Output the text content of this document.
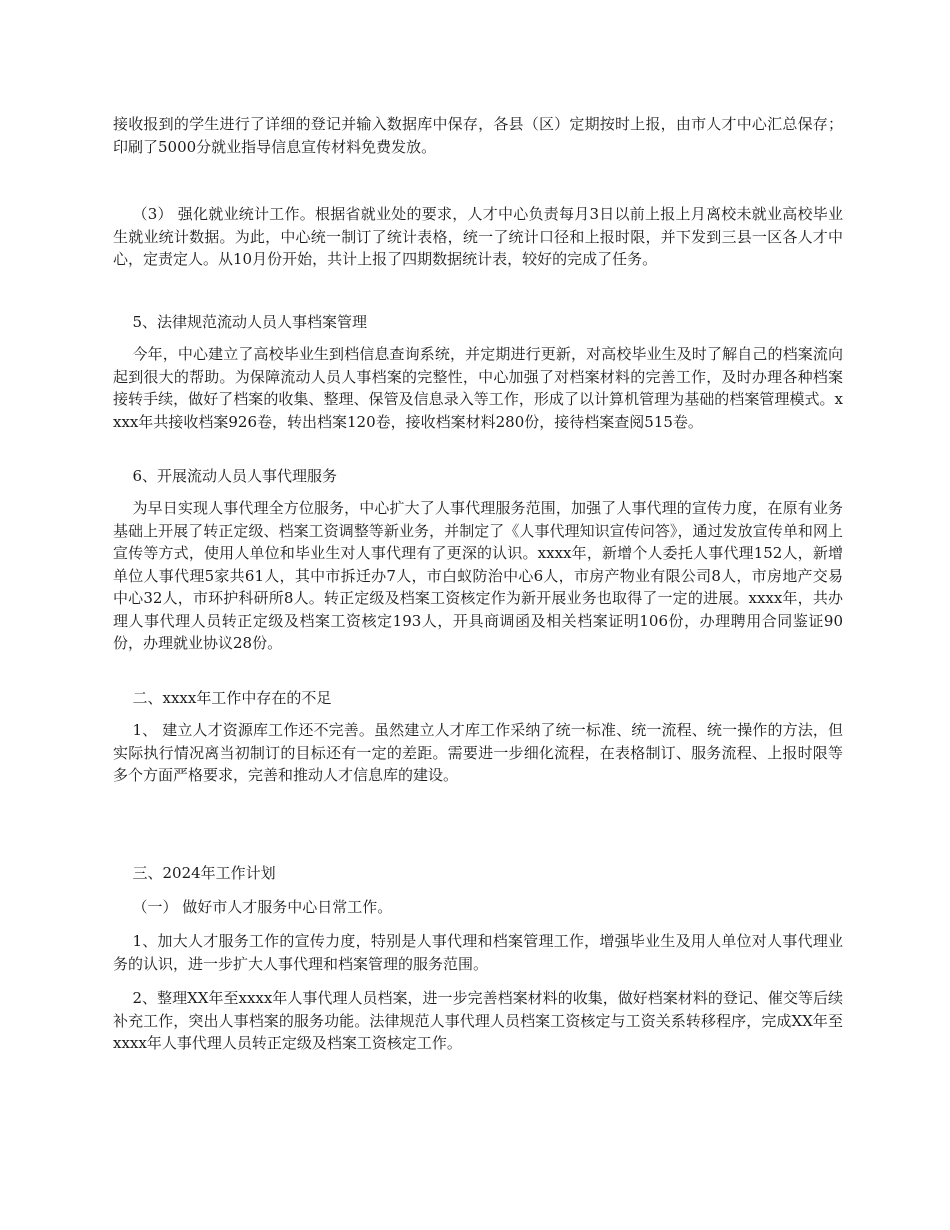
接收报到的学生进行了详细的登记并输入数据库中保存，各县（区）定期按时上报，由市人才中心汇总保存；印刷了5000分就业指导信息宣传材料免费发放。

（3） 强化就业统计工作。根据省就业处的要求，人才中心负责每月3日以前上报上月离校未就业高校毕业生就业统计数据。为此，中心统一制订了统计表格，统一了统计口径和上报时限，并下发到三县一区各人才中心，定责定人。从10月份开始，共计上报了四期数据统计表，较好的完成了任务。

5、法律规范流动人员人事档案管理

今年，中心建立了高校毕业生到档信息查询系统，并定期进行更新，对高校毕业生及时了解自己的档案流向起到很大的帮助。为保障流动人员人事档案的完整性，中心加强了对档案材料的完善工作，及时办理各种档案接转手续，做好了档案的收集、整理、保管及信息录入等工作，形成了以计算机管理为基础的档案管理模式。xxxx年共接收档案926卷，转出档案120卷，接收档案材料280份，接待档案查阅515卷。

6、开展流动人员人事代理服务

为早日实现人事代理全方位服务，中心扩大了人事代理服务范围，加强了人事代理的宣传力度，在原有业务基础上开展了转正定级、档案工资调整等新业务，并制定了《人事代理知识宣传问答》，通过发放宣传单和网上宣传等方式，使用人单位和毕业生对人事代理有了更深的认识。xxxx年，新增个人委托人事代理152人，新增单位人事代理5家共61人，其中市拆迁办7人，市白蚁防治中心6人，市房产物业有限公司8人，市房地产交易中心32人，市环护科研所8人。转正定级及档案工资核定作为新开展业务也取得了一定的进展。xxxx年，共办理人事代理人员转正定级及档案工资核定193人，开具商调函及相关档案证明106份，办理聘用合同鉴证90份，办理就业协议28份。

二、xxxx年工作中存在的不足

1、 建立人才资源库工作还不完善。虽然建立人才库工作采纳了统一标准、统一流程、统一操作的方法，但实际执行情况离当初制订的目标还有一定的差距。需要进一步细化流程，在表格制订、服务流程、上报时限等多个方面严格要求，完善和推动人才信息库的建设。

三、2024年工作计划

（一） 做好市人才服务中心日常工作。

1、加大人才服务工作的宣传力度，特别是人事代理和档案管理工作，增强毕业生及用人单位对人事代理业务的认识，进一步扩大人事代理和档案管理的服务范围。

2、整理XX年至xxxx年人事代理人员档案，进一步完善档案材料的收集，做好档案材料的登记、催交等后续补充工作，突出人事档案的服务功能。法律规范人事代理人员档案工资核定与工资关系转移程序，完成XX年至xxxx年人事代理人员转正定级及档案工资核定工作。
